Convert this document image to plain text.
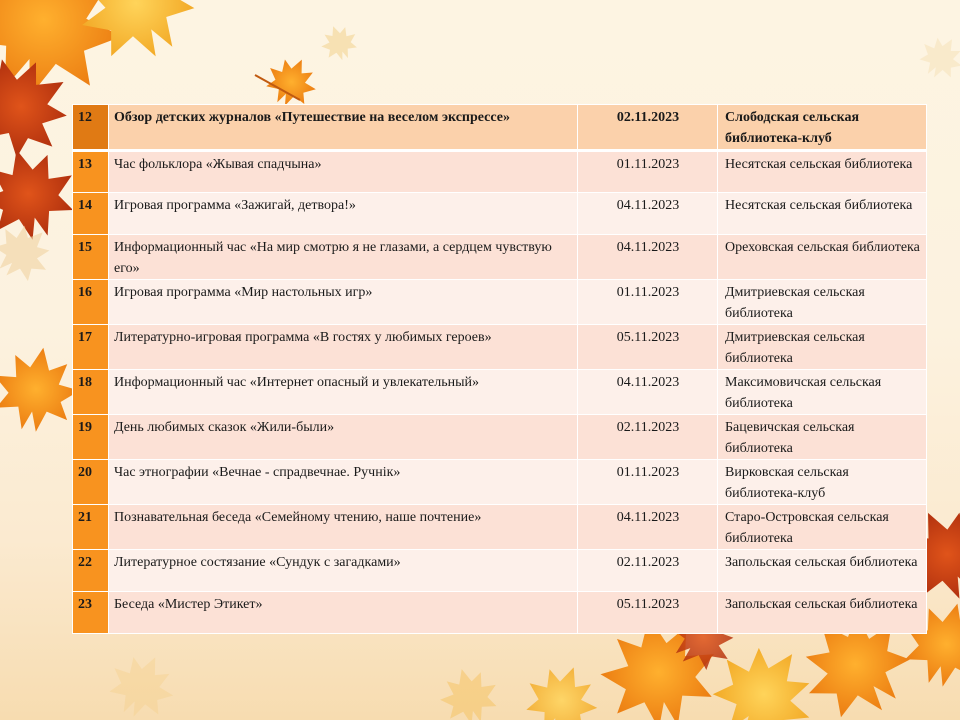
12	Обзор детских журналов «Путешествие на веселом экспрессе»	02.11.2023	Слободская сельская библиотека-клуб
13	Час фольклора «Жывая спадчына»	01.11.2023	Несятская сельская библиотека
14	Игровая программа «Зажигай, детвора!»	04.11.2023	Несятская сельская библиотека
15	Информационный час «На мир смотрю я не глазами, а сердцем чувствую его»	04.11.2023	Ореховская сельская библиотека
16	Игровая программа «Мир настольных игр»	01.11.2023	Дмитриевская сельская библиотека
17	Литературно-игровая программа «В гостях у любимых героев»	05.11.2023	Дмитриевская сельская библиотека
18	Информационный час «Интернет опасный и увлекательный»	04.11.2023	Максимовичская сельская библиотека
19	День любимых сказок «Жили-были»	02.11.2023	Бацевичская сельская библиотека
20	Час этнографии «Вечнае - спрадвечнае. Ручнік»	01.11.2023	Вирковская сельская библиотека-клуб
21	Познавательная беседа «Семейному чтению, наше почтение»	04.11.2023	Старо-Островская сельская библиотека
22	Литературное состязание «Сундук с загадками»	02.11.2023	Запольская сельская библиотека
23	Беседа «Мистер Этикет»	05.11.2023	Запольская сельская библиотека
